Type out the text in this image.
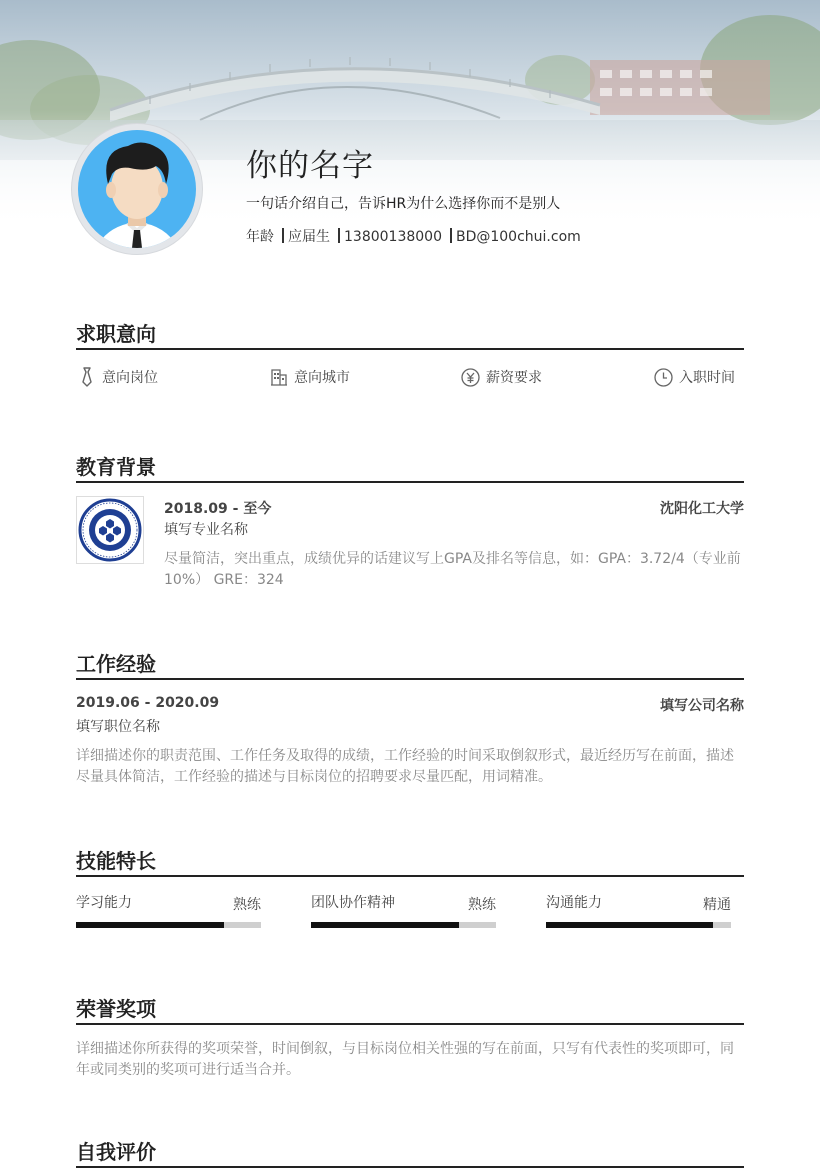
你的名字
一句话介绍自己，告诉HR为什么选择你而不是别人
年龄 应届生 13800138000 BD@100chui.com
求职意向
意向岗位	意向城市	薪资要求	入职时间
教育背景
2018.09 - 至今	沈阳化工大学
填写专业名称
尽量简洁，突出重点，成绩优异的话建议写上GPA及排名等信息，如：GPA：3.72/4（专业前10%） GRE：324
工作经验
2019.06 - 2020.09	填写公司名称
填写职位名称
详细描述你的职责范围、工作任务及取得的成绩，工作经验的时间采取倒叙形式，最近经历写在前面，描述尽量具体简洁，工作经验的描述与目标岗位的招聘要求尽量匹配，用词精准。
技能特长
学习能力	熟练	团队协作精神	熟练	沟通能力	精通
荣誉奖项
详细描述你所获得的奖项荣誉，时间倒叙，与目标岗位相关性强的写在前面，只写有代表性的奖项即可，同年或同类别的奖项可进行适当合并。
自我评价
